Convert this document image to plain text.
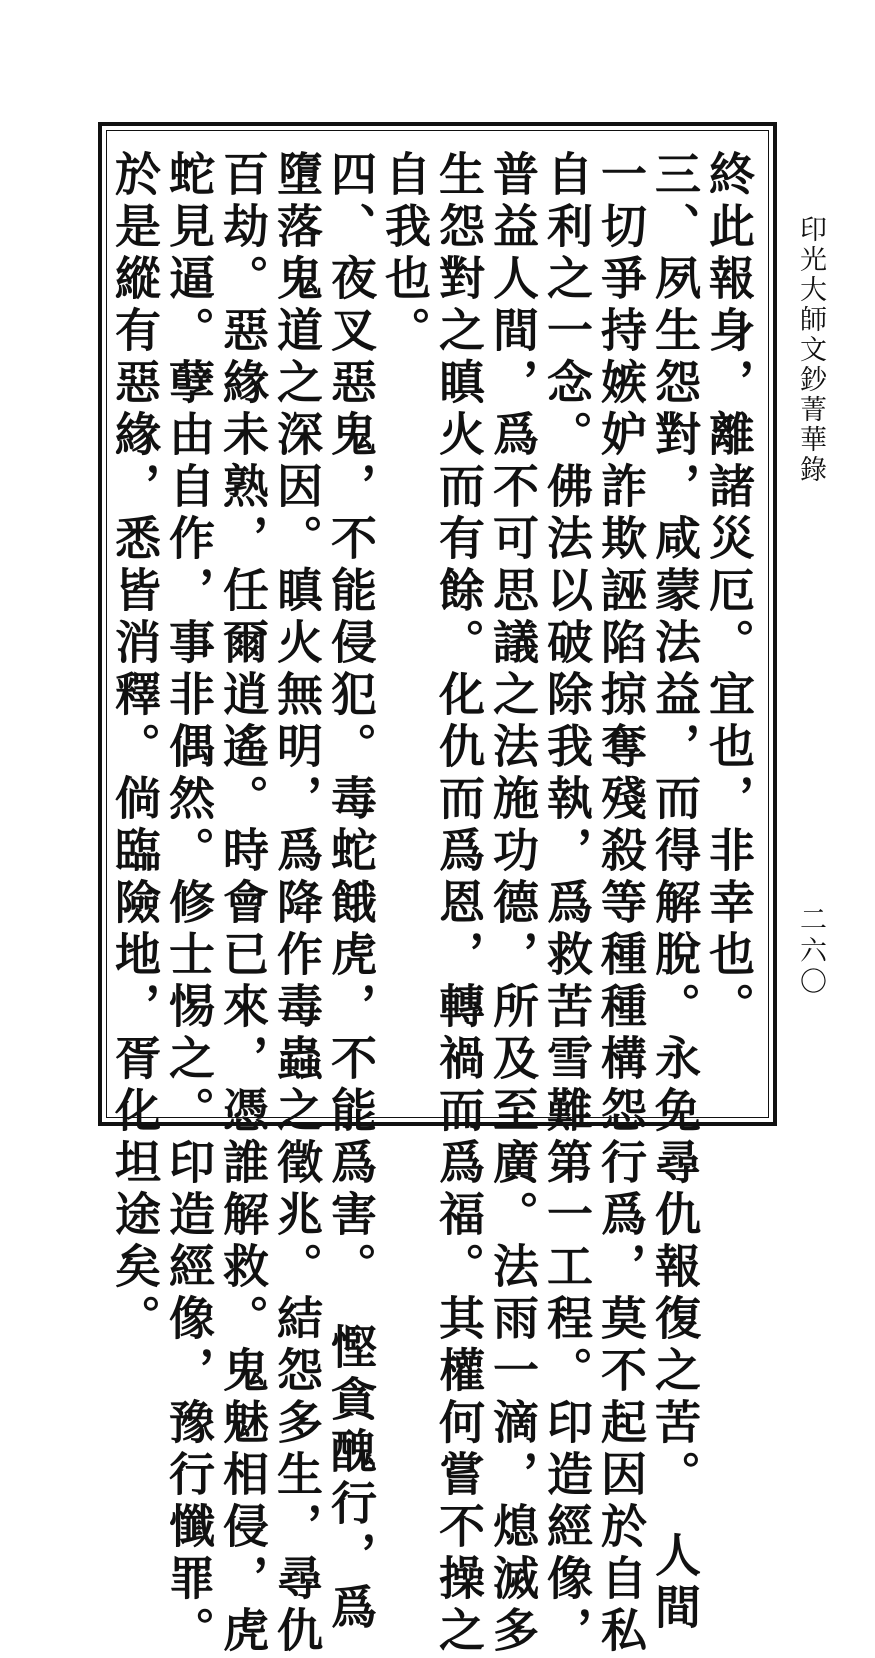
印光大師文鈔菁華錄
二六〇
終此報身，離諸災厄。宜也，非幸也。
三、夙生怨對，咸蒙法益，而得解脫。永免尋仇報復之苦。　人間
一切爭持嫉妒詐欺誣陷掠奪殘殺等種種構怨行爲，莫不起因於自私
自利之一念。佛法以破除我執，爲救苦雪難第一工程。印造經像，
普益人間，爲不可思議之法施功德，所及至廣。法雨一滴，熄滅多
生怨對之瞋火而有餘。化仇而爲恩，轉禍而爲福。其權何嘗不操之
自我也。
四、夜叉惡鬼，不能侵犯。毒蛇餓虎，不能爲害。　慳貪醜行，爲
墮落鬼道之深因。瞋火無明，爲降作毒蟲之徵兆。結怨多生，尋仇
百劫。惡緣未熟，任爾逍遙。時會已來，憑誰解救。鬼魅相侵，虎
蛇見逼。孽由自作，事非偶然。修士惕之。印造經像，豫行懺罪。
於是縱有惡緣，悉皆消釋。倘臨險地，胥化坦途矣。
